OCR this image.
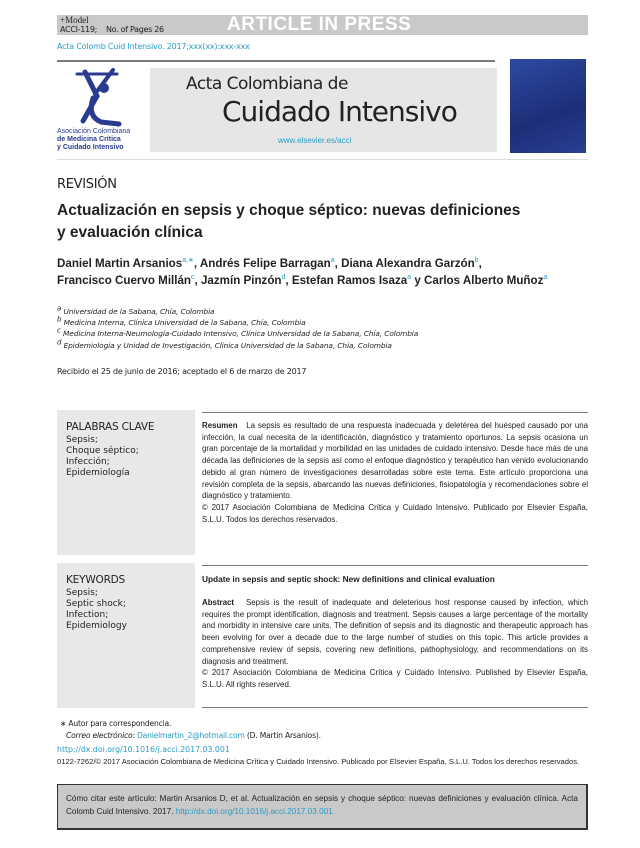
+Model
ACCI-119;    No. of Pages 26	ARTICLE IN PRESS
Acta Colomb Cuid Intensivo. 2017;xxx(xx):xxx-xxx
Asociación Colombiana
de Medicina Crítica
y Cuidado Intensivo
Acta Colombiana de
Cuidado Intensivo
www.elsevier.es/acci
REVISIÓN
Actualización en sepsis y choque séptico: nuevas definiciones y evaluación clínica
Daniel Martin Arsanios$^{a,∗}$, Andrés Felipe Barragan$^a$, Diana Alexandra Garzón$^b$,
Francisco Cuervo Millán$^c$, Jazmín Pinzón$^d$, Estefan Ramos Isaza$^a$ y Carlos Alberto Muñoz$^a$
$^a$ Universidad de la Sabana, Chía, Colombia
$^b$ Medicina Interna, Clínica Universidad de la Sabana, Chía, Colombia
$^c$ Medicina Interna-Neumología-Cuidado Intensivo, Clínica Universidad de la Sabana, Chía, Colombia
$^d$ Epidemiología y Unidad de Investigación, Clínica Universidad de la Sabana, Chía, Colombia
Recibido el 25 de junio de 2016; aceptado el 6 de marzo de 2017
PALABRAS CLAVE
Sepsis;
Choque séptico;
Infección;
Epidemiología
Resumen La sepsis es resultado de una respuesta inadecuada y deletérea del huésped causado por una infección, la cual necesita de la identificación, diagnóstico y tratamiento oportunos. La sepsis ocasiona un gran porcentaje de la mortalidad y morbilidad en las unidades de cuidado intensivo. Desde hace más de una década las definiciones de la sepsis así como el enfoque diagnóstico y terapéutico han venido evolucionando debido al gran número de investigaciones desarrolladas sobre este tema. Este artículo proporciona una revisión completa de la sepsis, abarcando las nuevas definiciones, fisiopatología y recomendaciones sobre el diagnóstico y tratamiento.
© 2017 Asociación Colombiana de Medicina Crítica y Cuidado Intensivo. Publicado por Elsevier España, S.L.U. Todos los derechos reservados.
KEYWORDS
Sepsis;
Septic shock;
Infection;
Epidemiology
Update in sepsis and septic shock: New definitions and clinical evaluation
Abstract Sepsis is the result of inadequate and deleterious host response caused by infection, which requires the prompt identification, diagnosis and treatment. Sepsis causes a large percentage of the mortality and morbidity in intensive care units. The definition of sepsis and its diagnostic and therapeutic approach has been evolving for over a decade due to the large number of studies on this topic. This article provides a comprehensive review of sepsis, covering new definitions, pathophysiology, and recommendations on its diagnosis and treatment.
© 2017 Asociación Colombiana de Medicina Crítica y Cuidado Intensivo. Published by Elsevier España, S.L.U. All rights reserved.
∗ Autor para correspondencia.
Correo electrónico: Danielmartin_2@hotmail.com (D. Martin Arsanios).
http://dx.doi.org/10.1016/j.acci.2017.03.001
0122-7262/© 2017 Asociación Colombiana de Medicina Crítica y Cuidado Intensivo. Publicado por Elsevier España, S.L.U. Todos los derechos reservados.
Cómo citar este artículo: Martin Arsanios D, et al. Actualización en sepsis y choque séptico: nuevas definiciones y evaluación clínica. Acta Colomb Cuid Intensivo. 2017. http://dx.doi.org/10.1016/j.acci.2017.03.001
